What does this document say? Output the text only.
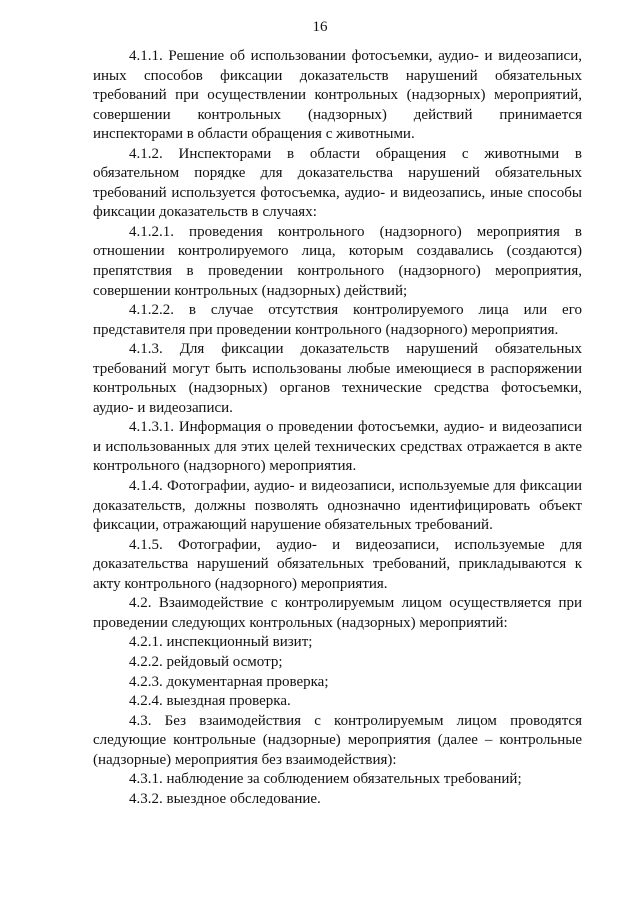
16

4.1.1. Решение об использовании фотосъемки, аудио- и видеозаписи, иных способов фиксации доказательств нарушений обязательных требований при осуществлении контрольных (надзорных) мероприятий, совершении контрольных (надзорных) действий принимается инспекторами в области обращения с животными.

4.1.2. Инспекторами в области обращения с животными в обязательном порядке для доказательства нарушений обязательных требований используется фотосъемка, аудио- и видеозапись, иные способы фиксации доказательств в случаях:

4.1.2.1. проведения контрольного (надзорного) мероприятия в отношении контролируемого лица, которым создавались (создаются) препятствия в проведении контрольного (надзорного) мероприятия, совершении контрольных (надзорных) действий;

4.1.2.2. в случае отсутствия контролируемого лица или его представителя при проведении контрольного (надзорного) мероприятия.

4.1.3. Для фиксации доказательств нарушений обязательных требований могут быть использованы любые имеющиеся в распоряжении контрольных (надзорных) органов технические средства фотосъемки, аудио- и видеозаписи.

4.1.3.1. Информация о проведении фотосъемки, аудио- и видеозаписи и использованных для этих целей технических средствах отражается в акте контрольного (надзорного) мероприятия.

4.1.4. Фотографии, аудио- и видеозаписи, используемые для фиксации доказательств, должны позволять однозначно идентифицировать объект фиксации, отражающий нарушение обязательных требований.

4.1.5. Фотографии, аудио- и видеозаписи, используемые для доказательства нарушений обязательных требований, прикладываются к акту контрольного (надзорного) мероприятия.

4.2. Взаимодействие с контролируемым лицом осуществляется при проведении следующих контрольных (надзорных) мероприятий:

4.2.1. инспекционный визит;

4.2.2. рейдовый осмотр;

4.2.3. документарная проверка;

4.2.4. выездная проверка.

4.3. Без взаимодействия с контролируемым лицом проводятся следующие контрольные (надзорные) мероприятия (далее – контрольные (надзорные) мероприятия без взаимодействия):

4.3.1. наблюдение за соблюдением обязательных требований;

4.3.2. выездное обследование.
